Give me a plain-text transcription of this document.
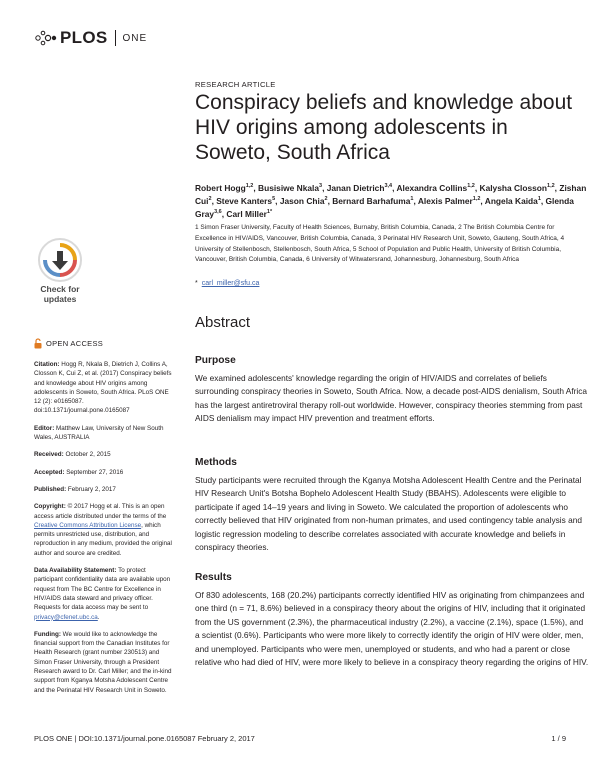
PLOS ONE
RESEARCH ARTICLE
Conspiracy beliefs and knowledge about HIV origins among adolescents in Soweto, South Africa
Robert Hogg$^{1,2}$, Busisiwe Nkala$^3$, Janan Dietrich$^{3,4}$, Alexandra Collins$^{1,2}$, Kalysha Closson$^{1,2}$, Zishan Cui$^2$, Steve Kanters$^5$, Jason Chia$^2$, Bernard Barhafuma$^1$, Alexis Palmer$^{1,2}$, Angela Kaida$^1$, Glenda Gray$^{3,6}$, Carl Miller$^{1*}$
1 Simon Fraser University, Faculty of Health Sciences, Burnaby, British Columbia, Canada, 2 The British Columbia Centre for Excellence in HIV/AIDS, Vancouver, British Columbia, Canada, 3 Perinatal HIV Research Unit, Soweto, Gauteng, South Africa, 4 University of Stellenbosch, Stellenbosch, South Africa, 5 School of Population and Public Health, University of British Columbia, Vancouver, British Columbia, Canada, 6 University of Witwatersrand, Johannesburg, Johannesburg, South Africa
* carl_miller@sfu.ca
Check for
updates
OPEN ACCESS
Citation: Hogg R, Nkala B, Dietrich J, Collins A, Closson K, Cui Z, et al. (2017) Conspiracy beliefs and knowledge about HIV origins among adolescents in Soweto, South Africa. PLoS ONE 12 (2): e0165087. doi:10.1371/journal.pone.0165087
Editor: Matthew Law, University of New South Wales, AUSTRALIA
Received: October 2, 2015
Accepted: September 27, 2016
Published: February 2, 2017
Copyright: © 2017 Hogg et al. This is an open access article distributed under the terms of the Creative Commons Attribution License, which permits unrestricted use, distribution, and reproduction in any medium, provided the original author and source are credited.
Data Availability Statement: To protect participant confidentiality data are available upon request from The BC Centre for Excellence in HIV/AIDS data steward and privacy officer. Requests for data access may be sent to privacy@cfenet.ubc.ca.
Funding: We would like to acknowledge the financial support from the Canadian Institutes for Health Research (grant number 230513) and Simon Fraser University, through a President Research award to Dr. Carl Miller; and the in-kind support from Kganya Motsha Adolescent Centre and the Perinatal HIV Research Unit in Soweto.
Abstract
Purpose
We examined adolescents' knowledge regarding the origin of HIV/AIDS and correlates of beliefs surrounding conspiracy theories in Soweto, South Africa. Now, a decade post-AIDS denialism, South Africa has the largest antiretroviral therapy roll-out worldwide. However, conspiracy theories stemming from past AIDS denialism may impact HIV prevention and treatment efforts.
Methods
Study participants were recruited through the Kganya Motsha Adolescent Health Centre and the Perinatal HIV Research Unit's Botsha Bophelo Adolescent Health Study (BBAHS). Adolescents were eligible to participate if aged 14–19 years and living in Soweto. We calculated the proportion of adolescents who correctly believed that HIV originated from non-human primates, and used contingency table analysis and logistic regression modeling to describe correlates associated with accurate knowledge and beliefs in conspiracy theories.
Results
Of 830 adolescents, 168 (20.2%) participants correctly identified HIV as originating from chimpanzees and one third (n = 71, 8.6%) believed in a conspiracy theory about the origins of HIV, including that it originated from the US government (2.3%), the pharmaceutical industry (2.2%), a vaccine (2.1%), space (1.5%), and a scientist (0.6%). Participants who were more likely to correctly identify the origin of HIV were older, men, and unemployed. Participants who were men, unemployed or students, and who had a parent or close relative who had died of HIV, were more likely to believe in a conspiracy theory regarding the origins of HIV.
PLOS ONE | DOI:10.1371/journal.pone.0165087 February 2, 2017	1 / 9
